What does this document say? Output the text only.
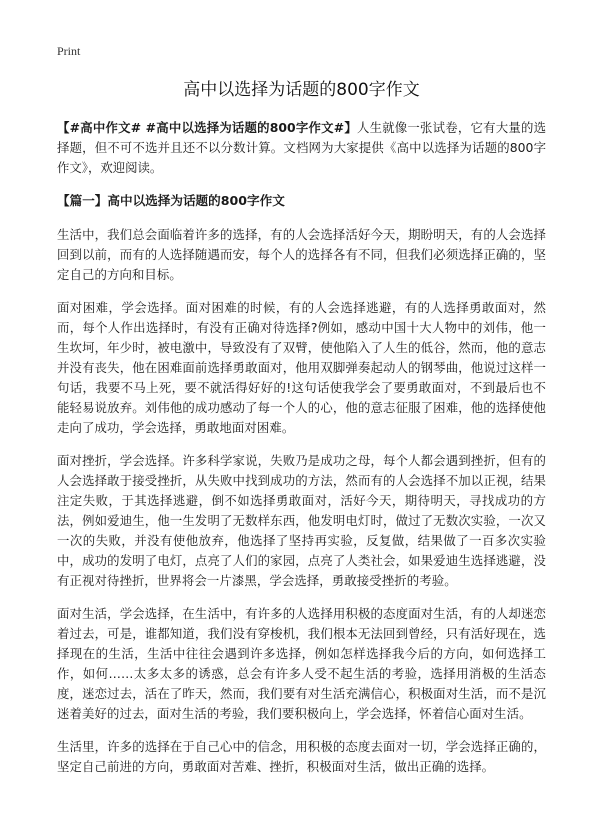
Print
高中以选择为话题的800字作文

【#高中作文# #高中以选择为话题的800字作文#】人生就像一张试卷，它有大量的选择题，但不可不选并且还不以分数计算。文档网为大家提供《高中以选择为话题的800字作文》，欢迎阅读。

【篇一】高中以选择为话题的800字作文

生活中，我们总会面临着许多的选择，有的人会选择活好今天，期盼明天，有的人会选择回到以前，而有的人选择随遇而安，每个人的选择各有不同，但我们必须选择正确的，坚定自己的方向和目标。

面对困难，学会选择。面对困难的时候，有的人会选择逃避，有的人选择勇敢面对，然而，每个人作出选择时，有没有正确对待选择?例如，感动中国十大人物中的刘伟，他一生坎坷，年少时，被电激中，导致没有了双臂，使他陷入了人生的低谷，然而，他的意志并没有丧失，他在困难面前选择勇敢面对，他用双脚弹奏起动人的钢琴曲，他说过这样一句话，我要不马上死，要不就活得好好的!这句话使我学会了要勇敢面对，不到最后也不能轻易说放弃。刘伟他的成功感动了每一个人的心，他的意志征服了困难，他的选择使他走向了成功，学会选择，勇敢地面对困难。

面对挫折，学会选择。许多科学家说，失败乃是成功之母，每个人都会遇到挫折，但有的人会选择敢于接受挫折，从失败中找到成功的方法，然而有的人会选择不加以正视，结果注定失败，于其选择逃避，倒不如选择勇敢面对，活好今天，期待明天，寻找成功的方法，例如爱迪生，他一生发明了无数样东西，他发明电灯时，做过了无数次实验，一次又一次的失败，并没有使他放弃，他选择了坚持再实验，反复做，结果做了一百多次实验中，成功的发明了电灯，点亮了人们的家园，点亮了人类社会，如果爱迪生选择逃避，没有正视对待挫折，世界将会一片漆黑，学会选择，勇敢接受挫折的考验。

面对生活，学会选择，在生活中，有许多的人选择用积极的态度面对生活，有的人却迷恋着过去，可是，谁都知道，我们没有穿梭机，我们根本无法回到曾经，只有活好现在，选择现在的生活，生活中往往会遇到许多选择，例如怎样选择我今后的方向，如何选择工作，如何……太多太多的诱惑，总会有许多人受不起生活的考验，选择用消极的生活态度，迷恋过去，活在了昨天，然而，我们要有对生活充满信心，积极面对生活，而不是沉迷着美好的过去，面对生活的考验，我们要积极向上，学会选择，怀着信心面对生活。

生活里，许多的选择在于自己心中的信念，用积极的态度去面对一切，学会选择正确的，坚定自己前进的方向，勇敢面对苦难、挫折，积极面对生活，做出正确的选择。
